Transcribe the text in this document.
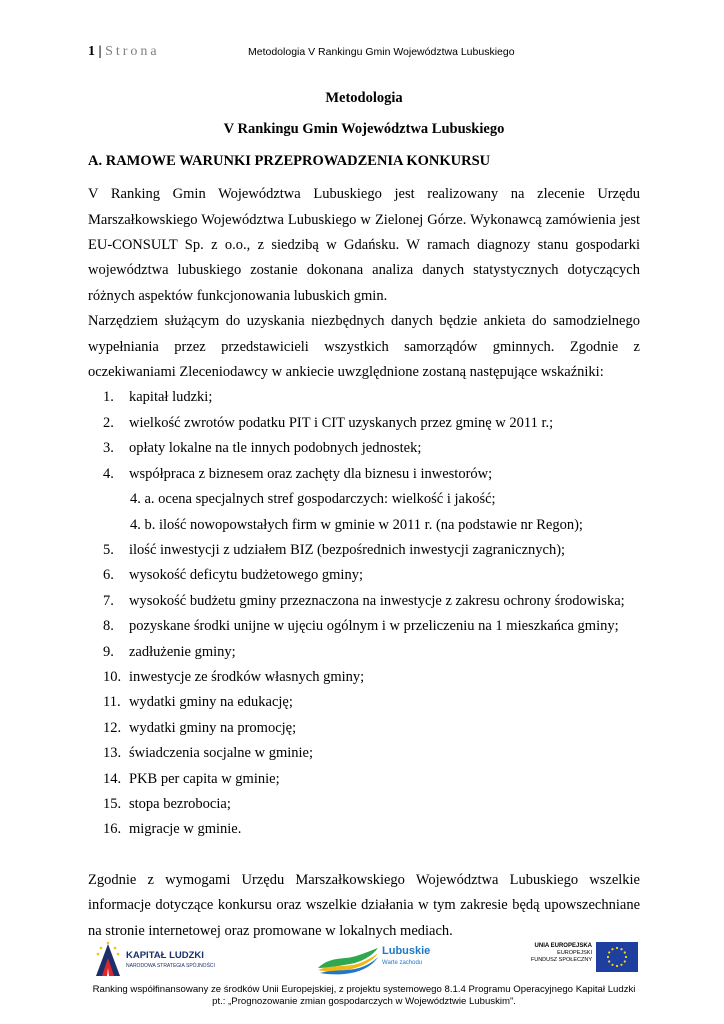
1 | Strona	Metodologia V Rankingu Gmin Województwa Lubuskiego
Metodologia
V Rankingu Gmin Województwa Lubuskiego
A. RAMOWE WARUNKI PRZEPROWADZENIA KONKURSU
V Ranking Gmin Województwa Lubuskiego jest realizowany na zlecenie Urzędu Marszałkowskiego Województwa Lubuskiego w Zielonej Górze. Wykonawcą zamówienia jest EU-CONSULT Sp. z o.o., z siedzibą w Gdańsku. W ramach diagnozy stanu gospodarki województwa lubuskiego zostanie dokonana analiza danych statystycznych dotyczących różnych aspektów funkcjonowania lubuskich gmin.
Narzędziem służącym do uzyskania niezbędnych danych będzie ankieta do samodzielnego wypełniania przez przedstawicieli wszystkich samorządów gminnych. Zgodnie z oczekiwaniami Zleceniodawcy w ankiecie uwzględnione zostaną następujące wskaźniki:
1. kapitał ludzki;
2. wielkość zwrotów podatku PIT i CIT uzyskanych przez gminę w 2011 r.;
3. opłaty lokalne na tle innych podobnych jednostek;
4. współpraca z biznesem oraz zachęty dla biznesu i inwestorów;
4. a. ocena specjalnych stref gospodarczych: wielkość i jakość;
4. b. ilość nowopowstałych firm w gminie w 2011 r. (na podstawie nr Regon);
5. ilość inwestycji z udziałem BIZ (bezpośrednich inwestycji zagranicznych);
6. wysokość deficytu budżetowego gminy;
7. wysokość budżetu gminy przeznaczona na inwestycje z zakresu ochrony środowiska;
8. pozyskane środki unijne w ujęciu ogólnym i w przeliczeniu na 1 mieszkańca gminy;
9. zadłużenie gminy;
10. inwestycje ze środków własnych gminy;
11. wydatki gminy na edukację;
12. wydatki gminy na promocję;
13. świadczenia socjalne w gminie;
14. PKB per capita w gminie;
15. stopa bezrobocia;
16. migracje w gminie.
Zgodnie z wymogami Urzędu Marszałkowskiego Województwa Lubuskiego wszelkie informacje dotyczące konkursu oraz wszelkie działania w tym zakresie będą upowszechniane na stronie internetowej oraz promowane w lokalnych mediach.
KAPITAŁ LUDZKI
NARODOWA STRATEGIA SPÓJNOŚCI
Lubuskie
Warte zachodu
UNIA EUROPEJSKA
EUROPEJSKI
FUNDUSZ SPOŁECZNY
Ranking współfinansowany ze środków Unii Europejskiej, z projektu systemowego 8.1.4 Programu Operacyjnego Kapitał Ludzki
pt.: „Prognozowanie zmian gospodarczych w Województwie Lubuskim”.
